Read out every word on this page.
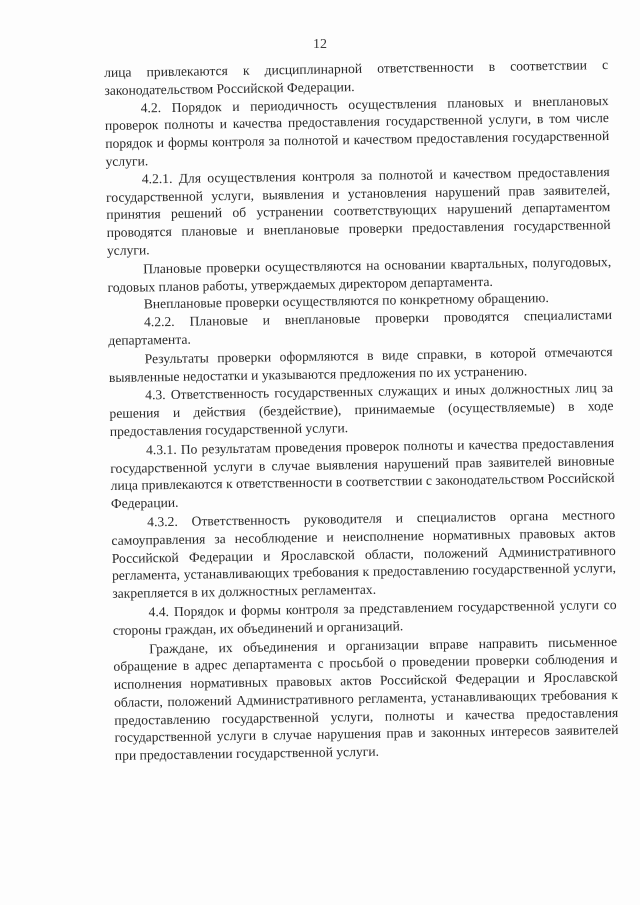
12

лица привлекаются к дисциплинарной ответственности в соответствии с законодательством Российской Федерации.

4.2. Порядок и периодичность осуществления плановых и внеплановых проверок полноты и качества предоставления государственной услуги, в том числе порядок и формы контроля за полнотой и качеством предоставления государственной услуги.

4.2.1. Для осуществления контроля за полнотой и качеством предоставления государственной услуги, выявления и установления нарушений прав заявителей, принятия решений об устранении соответствующих нарушений департаментом проводятся плановые и внеплановые проверки предоставления государственной услуги.

Плановые проверки осуществляются на основании квартальных, полугодовых, годовых планов работы, утверждаемых директором департамента.

Внеплановые проверки осуществляются по конкретному обращению.

4.2.2. Плановые и внеплановые проверки проводятся специалистами департамента.

Результаты проверки оформляются в виде справки, в которой отмечаются выявленные недостатки и указываются предложения по их устранению.

4.3. Ответственность государственных служащих и иных должностных лиц за решения и действия (бездействие), принимаемые (осуществляемые) в ходе предоставления государственной услуги.

4.3.1. По результатам проведения проверок полноты и качества предоставления государственной услуги в случае выявления нарушений прав заявителей виновные лица привлекаются к ответственности в соответствии с законодательством Российской Федерации.

4.3.2. Ответственность руководителя и специалистов органа местного самоуправления за несоблюдение и неисполнение нормативных правовых актов Российской Федерации и Ярославской области, положений Административного регламента, устанавливающих требования к предоставлению государственной услуги, закрепляется в их должностных регламентах.

4.4. Порядок и формы контроля за представлением государственной услуги со стороны граждан, их объединений и организаций.

Граждане, их объединения и организации вправе направить письменное обращение в адрес департамента с просьбой о проведении проверки соблюдения и исполнения нормативных правовых актов Российской Федерации и Ярославской области, положений Административного регламента, устанавливающих требования к предоставлению государственной услуги, полноты и качества предоставления государственной услуги в случае нарушения прав и законных интересов заявителей при предоставлении государственной услуги.
